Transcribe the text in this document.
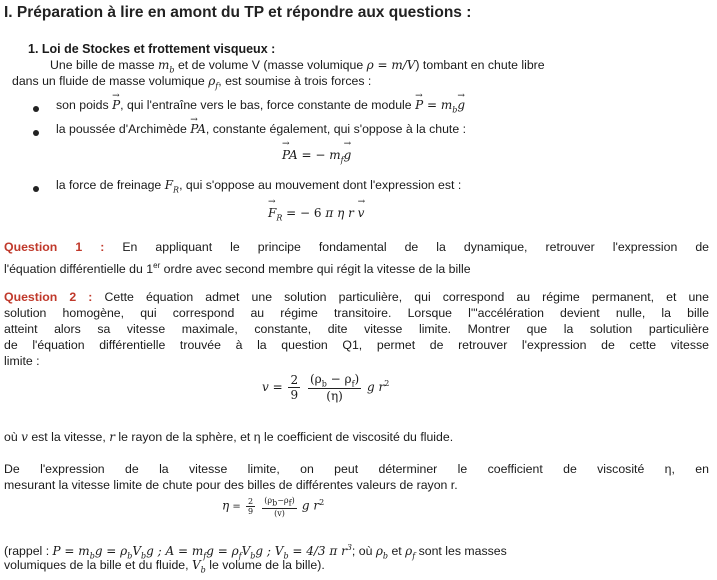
I. Préparation à lire en amont du TP et répondre aux questions :
1. Loi de Stockes et frottement visqueux :
Une bille de masse $m_b$ et de volume V (masse volumique ρ = m/V) tombant en chute libre
dans un fluide de masse volumique $\rho_f$, est soumise à trois forces :
son poids → P, qui l'entraîne vers le bas, force constante de module → $P = m_b\to g$
la poussée d'Archimède → PA, constante également, qui s'oppose à la chute :
→ PA = − $m_f\to g$
la force de freinage $F_R$, qui s'oppose au mouvement dont l'expression est :
→ $F_R$ = − 6 π η r → v
Question 1 : En appliquant le principe fondamental de la dynamique, retrouver l'expression de
l'équation différentielle du 1er ordre avec second membre qui régit la vitesse de la bille
Question 2 : Cette équation admet une solution particulière, qui correspond au régime permanent, et une
solution homogène, qui correspond au régime transitoire. Lorsque l'"accélération devient nulle, la bille
atteint alors sa vitesse maximale, constante, dite vitesse limite. Montrer que la solution particulière
de l'équation différentielle trouvée à la question Q1, permet de retrouver l'expression de cette vitesse
limite :
$v = \frac{2}{9}$
$\frac{(\rho_b - \rho_f)}{(\eta)}$ g $r^2$
où v est la vitesse, r le rayon de la sphère, et η le coefficient de viscosité du fluide.
De l'expression de la vitesse limite, on peut déterminer le coefficient de viscosité η, en
mesurant la vitesse limite de chute pour des billes de différentes valeurs de rayon r.
$\eta = \frac{2}{9}$
$\frac{(\rho_b-\rho_f)}{(v)}$ g $r^2$
(rappel : $P = m_bg = \rho_bV_bg$ ; $A = m_fg = \rho_fV_bg$ ; $V_b = 4/3$ π $r^3$; où $\rho_b$ et $\rho_f$ sont les masses
volumiques de la bille et du fluide, $V_b$ le volume de la bille).
